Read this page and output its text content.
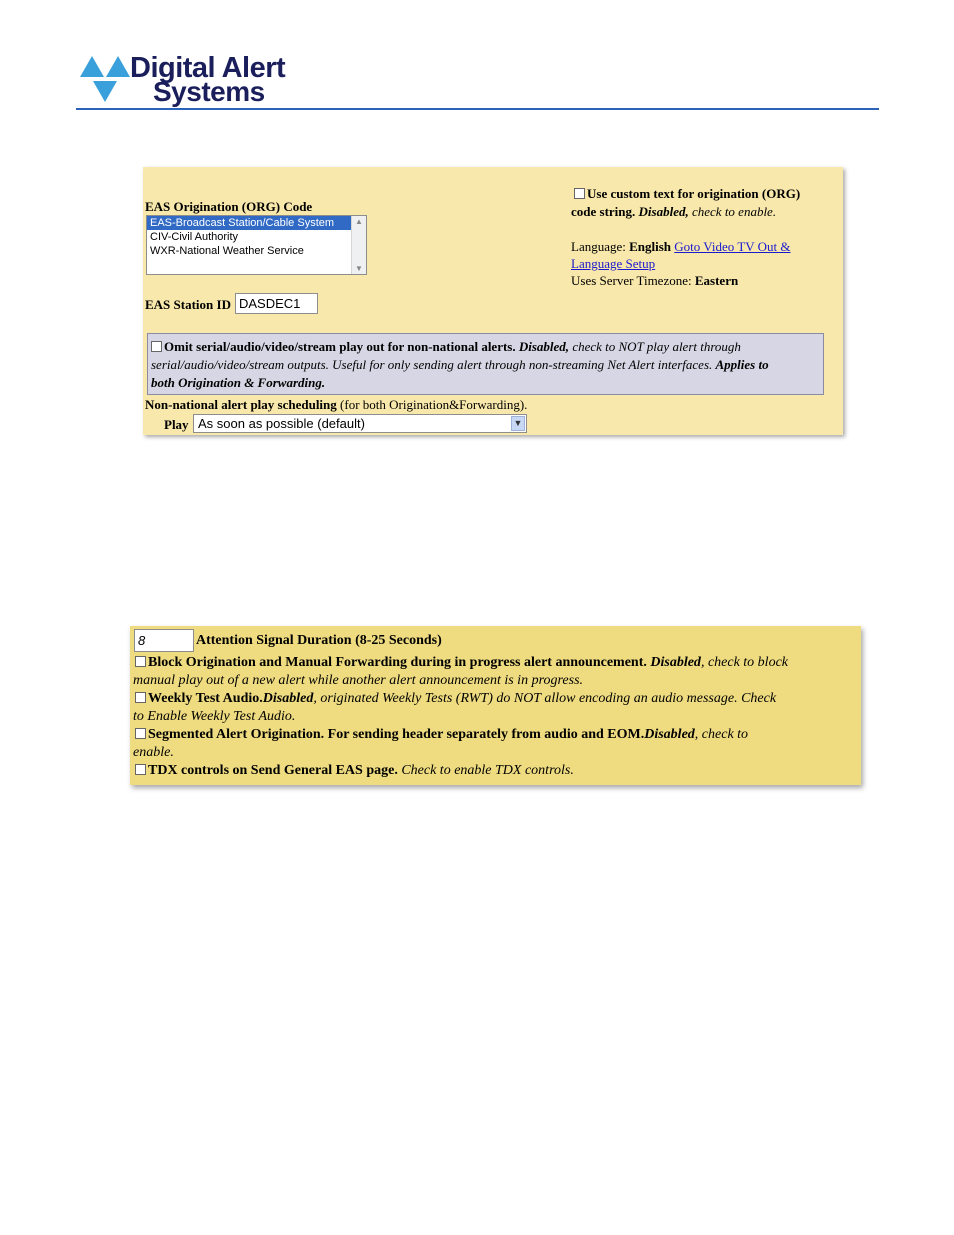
Digital Alert
Systems
EAS Origination (ORG) Code
EAS-Broadcast Station/Cable System
CIV-Civil Authority
WXR-National Weather Service
▲
▼
Use custom text for origination (ORG)
code string. Disabled, check to enable.
Language: English Goto Video TV Out &
Language Setup
Uses Server Timezone: Eastern
EAS Station ID DASDEC1
Omit serial/audio/video/stream play out for non-national alerts. Disabled, check to NOT play alert through
serial/audio/video/stream outputs. Useful for only sending alert through non-streaming Net Alert interfaces. Applies to
both Origination & Forwarding.
Non-national alert play scheduling (for both Origination&Forwarding).
Play As soon as possible (default)	▼
8	Attention Signal Duration (8-25 Seconds)
Block Origination and Manual Forwarding during in progress alert announcement. Disabled, check to block
manual play out of a new alert while another alert announcement is in progress.
Weekly Test Audio.Disabled, originated Weekly Tests (RWT) do NOT allow encoding an audio message. Check
to Enable Weekly Test Audio.
Segmented Alert Origination. For sending header separately from audio and EOM.Disabled, check to
enable.
TDX controls on Send General EAS page. Check to enable TDX controls.
